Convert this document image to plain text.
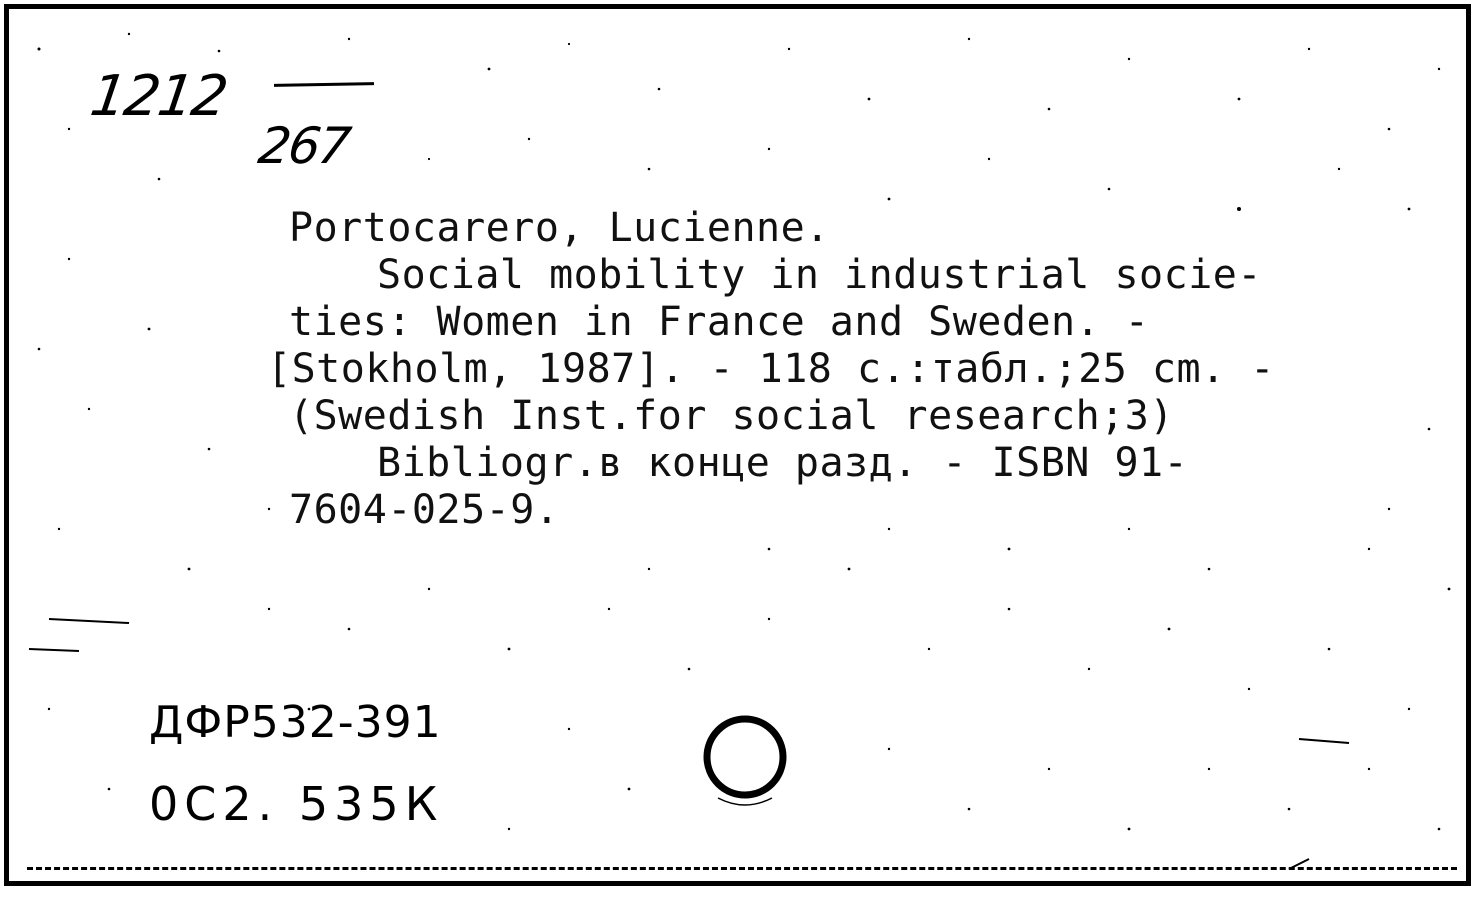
1212
267
Portocarero, Lucienne.
Social mobility in industrial socie-
ties: Women in France and Sweden. -
[Stokholm, 1987]. - 118 c.:табл.;25 cm. -
(Swedish Inst.for social research;3)
Bibliogr.в конце разд. - ISBN 91-
7604-025-9.
ДФР532-391
0С2. 535К
